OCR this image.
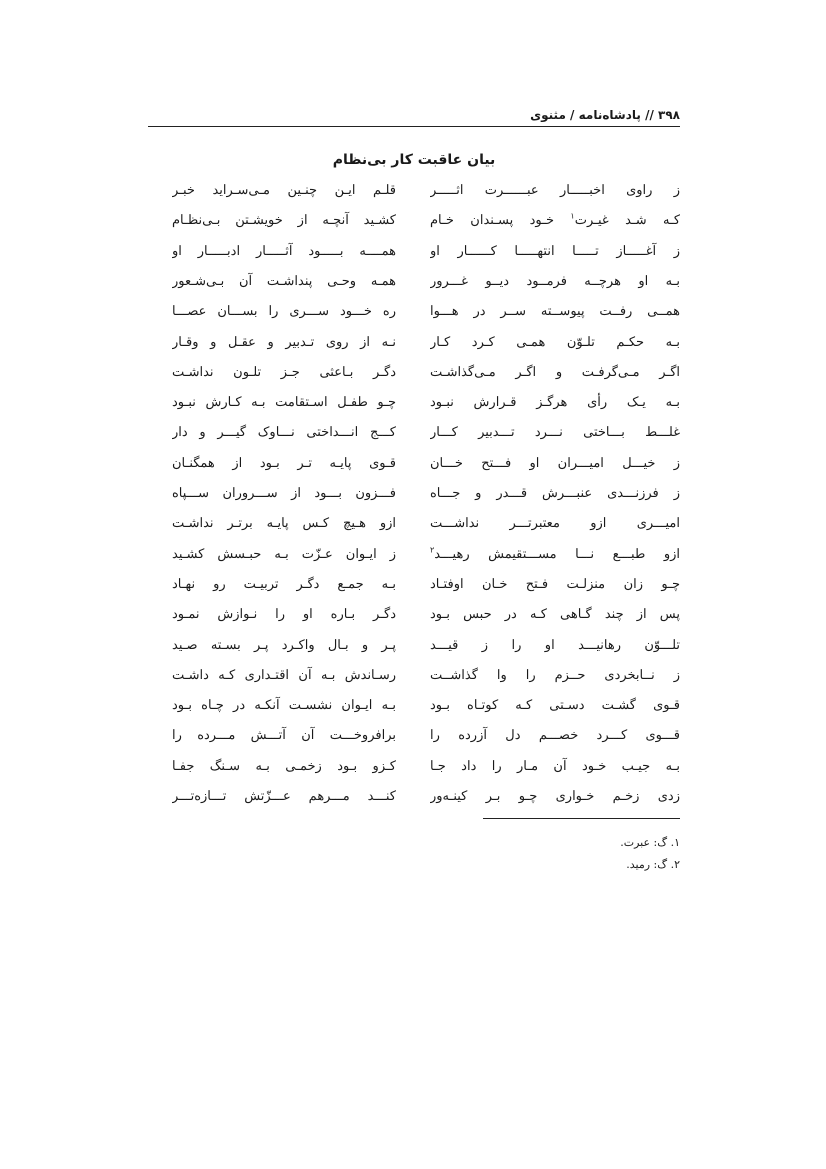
۳۹۸ // پادشاه‌نامه / مثنوی
بیان عاقبت کار بی‌نظام
ز راوی اخبـــــار عبــــــرت اثـــــر
قلـم ایـن چنـین مـی‌سـراید خبـر
کـه شـد غیـرت$^۱$ خـود پسـندان خـام
کشـید آنچـه از خویشـتن بـی‌نظـام
ز آغـــــاز تـــــا انتهـــــا کــــــار او
همــــه بـــــود آثـــــار ادبـــــار او
بـه او هرچــه فرمــود دیــو غـــرور
همـه وحـی پنداشـت آن بـی‌شـعور
همــی رفــت پیوســته ســر در هـــوا
ره خـــود ســـری را بســـان عصـــا
بـه حکـم تلـوّن همـی کـرد کـار
نـه از روی تـدبیر و عقـل و وقـار
اگـر مـی‌گرفـت و اگـر مـی‌گذاشـت
دگـر بـاعثی جـز تلـون نداشـت
بـه یـک رأی هرگـز قـرارش نبـود
چـو طفـل اسـتقامت بـه کـارش نبـود
غلـــط بـــاختی نـــرد تـــدبیر کـــار
کـــج انـــداختی نـــاوک گیـــر و دار
ز خیـــل امیـــران او فـــتح خـــان
قـوی پایـه تـر بـود از همگنـان
ز فرزنـــدی عنبـــرش قـــدر و جـــاه
فـــزون بـــود از ســـروران ســـپاه
امیـــری ازو معتبرتـــر نداشـــت
ازو هـیچ کـس پایـه برتـر نداشـت
ازو طبـــع نـــا مســـتقیمش رهیـــد$^۲$
ز ایـوان عـزّت بـه حبـسش کشـید
چـو زان منزلـت فـتح خـان اوفتـاد
بـه جمـع دگـر تربیـت رو نهـاد
پس از چند گـاهی کـه در حبس بـود
دگـر بـاره او را نـوازش نمـود
تلـــوّن رهانیـــد او را ز قیـــد
پـر و بـال واکـرد پـر بسـته صـید
ز نــابخردی حــزم را وا گذاشــت
رسـاندش بـه آن اقتـداری کـه داشـت
قـوی گشـت دسـتی کـه کوتـاه بـود
بـه ایـوان نشسـت آنکـه در چـاه بـود
قـــوی کـــرد خصـــم دل آزرده را
برافروخـــت آن آتـــش مـــرده را
بـه جیـب خـود آن مـار را داد جـا
کـزو بـود زخمـی بـه سـنگ جفـا
زدی زخـم خـواری چـو بـر کینـه‌ور
کنـــد مـــرهم عـــزّتش تـــازه‌تـــر
۱. گ: عبرت.
۲. گ: رمید.
